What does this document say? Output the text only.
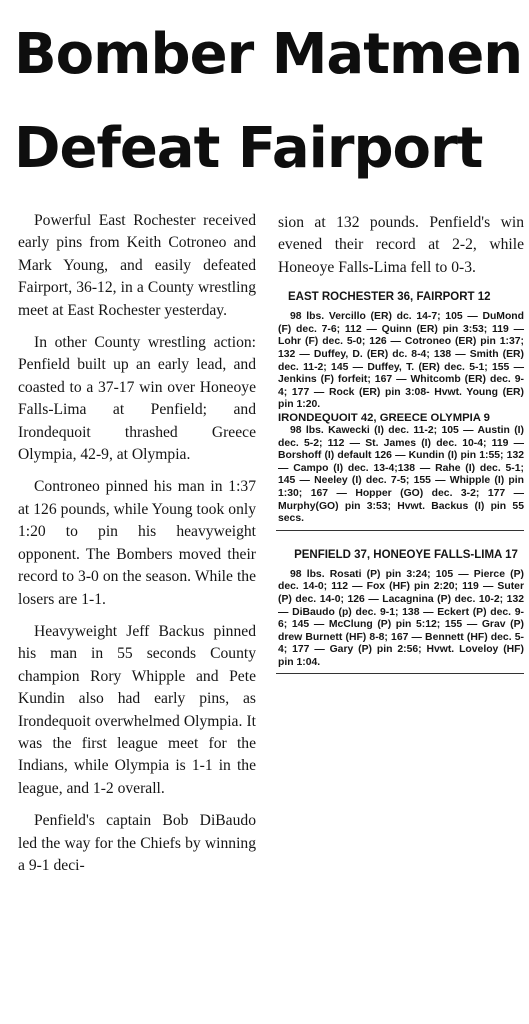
Bomber Matmen
Defeat Fairport

Powerful East Rochester received early pins from Keith Cotroneo and Mark Young, and easily defeated Fairport, 36-12, in a County wrestling meet at East Rochester yesterday.

In other County wrestling action: Penfield built up an early lead, and coasted to a 37-17 win over Honeoye Falls-Lima at Penfield; and Irondequoit thrashed Greece Olympia, 42-9, at Olympia.

Controneo pinned his man in 1:37 at 126 pounds, while Young took only 1:20 to pin his heavyweight opponent. The Bombers moved their record to 3-0 on the season. While the losers are 1-1.

Heavyweight Jeff Backus pinned his man in 55 seconds County champion Rory Whipple and Pete Kundin also had early pins, as Irondequoit overwhelmed Olympia. It was the first league meet for the Indians, while Olympia is 1-1 in the league, and 1-2 overall.

Penfield's captain Bob DiBaudo led the way for the Chiefs by winning a 9-1 deci-

sion at 132 pounds. Penfield's win evened their record at 2-2, while Honeoye Falls-Lima fell to 0-3.

EAST ROCHESTER 36, FAIRPORT 12

98 lbs. Vercillo (ER) dc. 14-7; 105 — DuMond (F) dec. 7-6; 112 — Quinn (ER) pin 3:53; 119 — Lohr (F) dec. 5-0; 126 — Cotroneo (ER) pin 1:37; 132 — Duffey, D. (ER) dc. 8-4; 138 — Smith (ER) dec. 11-2; 145 — Duffey, T. (ER) dec. 5-1; 155 — Jenkins (F) forfeit; 167 — Whitcomb (ER) dec. 9-4; 177 — Rock (ER) pin 3:08- Hvwt. Young (ER) pin 1:20.

IRONDEQUOIT 42, GREECE OLYMPIA 9

98 lbs. Kawecki (I) dec. 11-2; 105 — Austin (I) dec. 5-2; 112 — St. James (I) dec. 10-4; 119 — Borshoff (I) default 126 — Kundin (I) pin 1:55; 132 — Campo (I) dec. 13-4;138 — Rahe (I) dec. 5-1; 145 — Neeley (I) dec. 7-5; 155 — Whipple (I) pin 1:30; 167 — Hopper (GO) dec. 3-2; 177 —Murphy(GO) pin 3:53; Hvwt. Backus (I) pin 55 secs.

PENFIELD 37, HONEOYE FALLS-LIMA 17

98 lbs. Rosati (P) pin 3:24; 105 — Pierce (P) dec. 14-0; 112 — Fox (HF) pin 2:20; 119 — Suter (P) dec. 14-0; 126 — Lacagnina (P) dec. 10-2; 132 — DiBaudo (p) dec. 9-1; 138 — Eckert (P) dec. 9-6; 145 — McClung (P) pin 5:12; 155 — Grav (P) drew Burnett (HF) 8-8; 167 — Bennett (HF) dec. 5-4; 177 — Gary (P) pin 2:56; Hvwt. Loveloy (HF) pin 1:04.
